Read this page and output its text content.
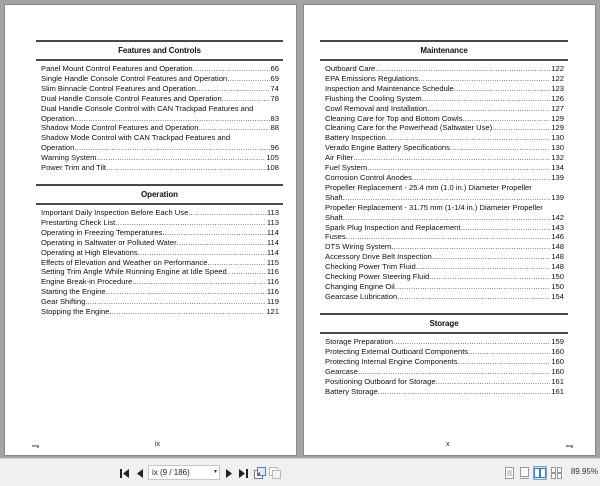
Features and Controls
Panel Mount Control Features and Operation .....	66
Single Handle Console Control Features and Operation .....	69
Slim Binnacle Control Features and Operation .....	74
Dual Handle Console Control Features and Operation .....	78
Dual Handle Console Control with CAN Trackpad Features and
Operation .....	83
Shadow Mode Control Features and Operation .....	88
Shadow Mode Control with CAN Trackpad Features and
Operation .....	96
Warning System .....	105
Power Trim and Tilt .....	108
Operation
Important Daily Inspection Before Each Use .....	113
Prestarting Check List .....	113
Operating in Freezing Temperatures .....	114
Operating in Saltwater or Polluted Water .....	114
Operating at High Elevations .....	114
Effects of Elevation and Weather on Performance .....	115
Setting Trim Angle While Running Engine at Idle Speed .....	116
Engine Break-in Procedure .....	116
Starting the Engine .....	116
Gear Shifting .....	119
Stopping the Engine .....	121
eng	ix
Maintenance
Outboard Care .....	122
EPA Emissions Regulations .....	122
Inspection and Maintenance Schedule .....	123
Flushing the Cooling System .....	126
Cowl Removal and Installation .....	127
Cleaning Care for Top and Bottom Cowls .....	129
Cleaning Care for the Powerhead (Saltwater Use) .....	129
Battery Inspection .....	130
Verado Engine Battery Specifications .....	130
Air Filter .....	132
Fuel System .....	134
Corrosion Control Anodes .....	139
Propeller Replacement - 25.4 mm (1.0 in.) Diameter Propeller
Shaft .....	139
Propeller Replacement - 31.75 mm (1-1/4 in.) Diameter Propeller
Shaft .....	142
Spark Plug Inspection and Replacement .....	143
Fuses .....	146
DTS Wiring System .....	148
Accessory Drive Belt Inspection .....	148
Checking Power Trim Fluid .....	148
Checking Power Steering Fluid .....	150
Changing Engine Oil .....	150
Gearcase Lubrication .....	154
Storage
Storage Preparation .....	159
Protecting External Outboard Components .....	160
Protecting Internal Engine Components .....	160
Gearcase .....	160
Positioning Outboard for Storage .....	161
Battery Storage .....	161
x	eng
ix (9 / 186)	▾	89.95%
